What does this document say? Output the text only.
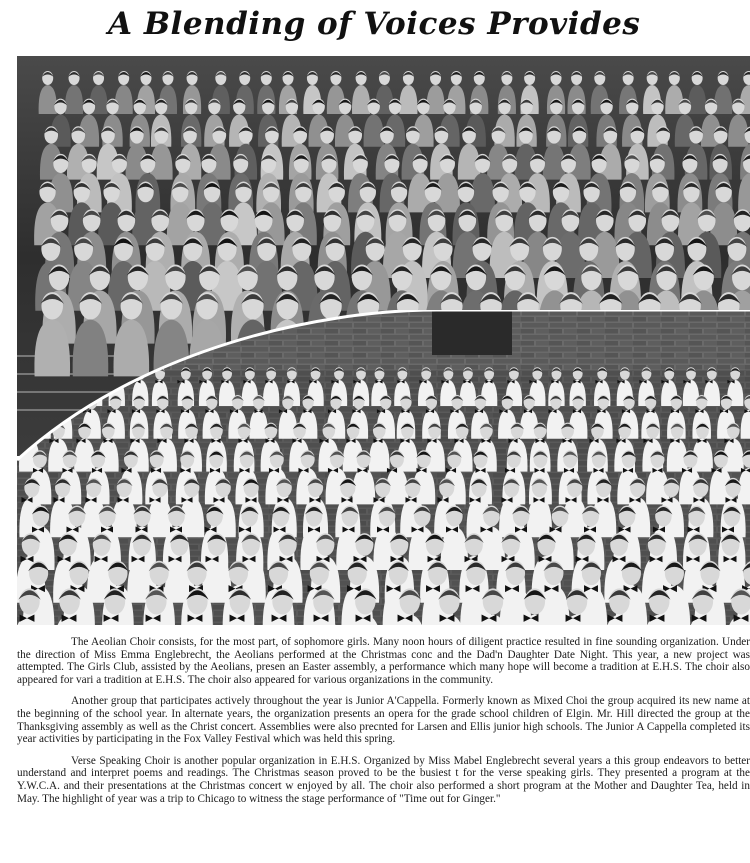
A Blending of Voices Provides

The Aeolian Choir consists, for the most part, of sophomore girls. Many noon hours of diligent practice resulted in fine sounding organization. Under the direction of Miss Emma Englebrecht, the Aeolians performed at the Christmas conc and the Dad'n Daughter Date Night. This year, a new project was attempted. The Girls Club, assisted by the Aeolians, presen an Easter assembly, a performance which many hope will become a tradition at E.H.S. The choir also appeared for vari a tradition at E.H.S. The choir also appeared for various organizations in the community.

Another group that participates actively throughout the year is Junior A'Cappella. Formerly known as Mixed Choi the group acquired its new name at the beginning of the school year. In alternate years, the organization presents an opera for the grade school children of Elgin. Mr. Hill directed the group at the Thanksgiving assembly as well as the Christ concert. Assemblies were also precnted for Larsen and Ellis junior high schools. The Junior A Cappella completed its year activities by participating in the Fox Valley Festival which was held this spring.

Verse Speaking Choir is another popular organization in E.H.S. Organized by Miss Mabel Englebrecht several years a this group endeavors to better understand and interpret poems and readings. The Christmas season proved to be the busiest t for the verse speaking girls. They presented a program at the Y.W.C.A. and their presentations at the Christmas concert w enjoyed by all. The choir also performed a short program at the Mother and Daughter Tea, held in May. The highlight of year was a trip to Chicago to witness the stage performance of "Time out for Ginger."
